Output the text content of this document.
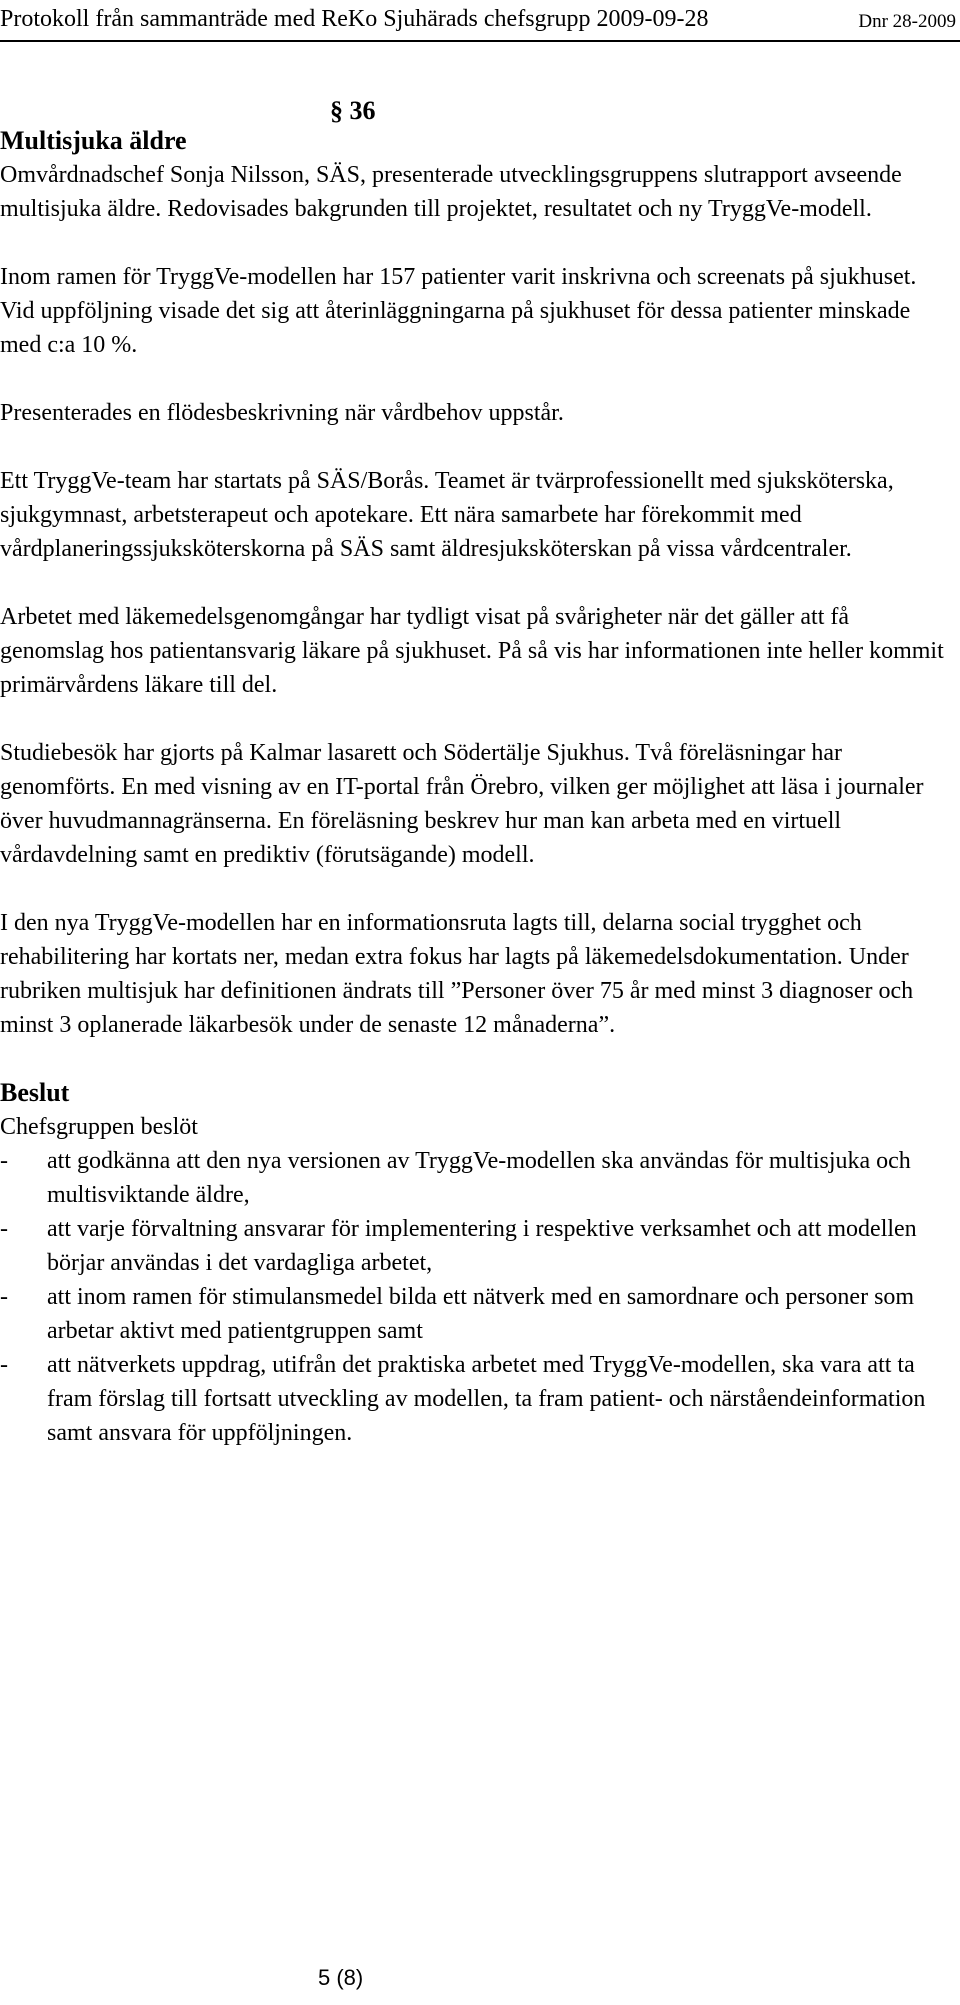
Protokoll från sammanträde med ReKo Sjuhärads chefsgrupp 2009-09-28	Dnr 28-2009
§ 36

Multisjuka äldre

Omvårdnadschef Sonja Nilsson, SÄS, presenterade utvecklingsgruppens slutrapport avseende multisjuka äldre. Redovisades bakgrunden till projektet, resultatet och ny TryggVe-modell.

Inom ramen för TryggVe-modellen har 157 patienter varit inskrivna och screenats på sjukhuset. Vid uppföljning visade det sig att återinläggningarna på sjukhuset för dessa patienter minskade med c:a 10 %.

Presenterades en flödesbeskrivning när vårdbehov uppstår.

Ett TryggVe-team har startats på SÄS/Borås. Teamet är tvärprofessionellt med sjuksköterska, sjukgymnast, arbetsterapeut och apotekare. Ett nära samarbete har förekommit med vårdplaneringssjuksköterskorna på SÄS samt äldresjuksköterskan på vissa vårdcentraler.

Arbetet med läkemedelsgenomgångar har tydligt visat på svårigheter när det gäller att få genomslag hos patientansvarig läkare på sjukhuset. På så vis har informationen inte heller kommit primärvårdens läkare till del.

Studiebesök har gjorts på Kalmar lasarett och Södertälje Sjukhus. Två föreläsningar har genomförts. En med visning av en IT-portal från Örebro, vilken ger möjlighet att läsa i journaler över huvudmannagränserna. En föreläsning beskrev hur man kan arbeta med en virtuell vårdavdelning samt en prediktiv (förutsägande) modell.

I den nya TryggVe-modellen har en informationsruta lagts till, delarna social trygghet och rehabilitering har kortats ner, medan extra fokus har lagts på läkemedelsdokumentation. Under rubriken multisjuk har definitionen ändrats till ”Personer över 75 år med minst 3 diagnoser och minst 3 oplanerade läkarbesök under de senaste 12 månaderna”.

Beslut

Chefsgruppen beslöt

- att godkänna att den nya versionen av TryggVe-modellen ska användas för multisjuka och multisviktande äldre,
- att varje förvaltning ansvarar för implementering i respektive verksamhet och att modellen börjar användas i det vardagliga arbetet,
- att inom ramen för stimulansmedel bilda ett nätverk med en samordnare och personer som arbetar aktivt med patientgruppen samt
- att nätverkets uppdrag, utifrån det praktiska arbetet med TryggVe-modellen, ska vara att ta fram förslag till fortsatt utveckling av modellen, ta fram patient- och närståendeinformation samt ansvara för uppföljningen.
5 (8)
